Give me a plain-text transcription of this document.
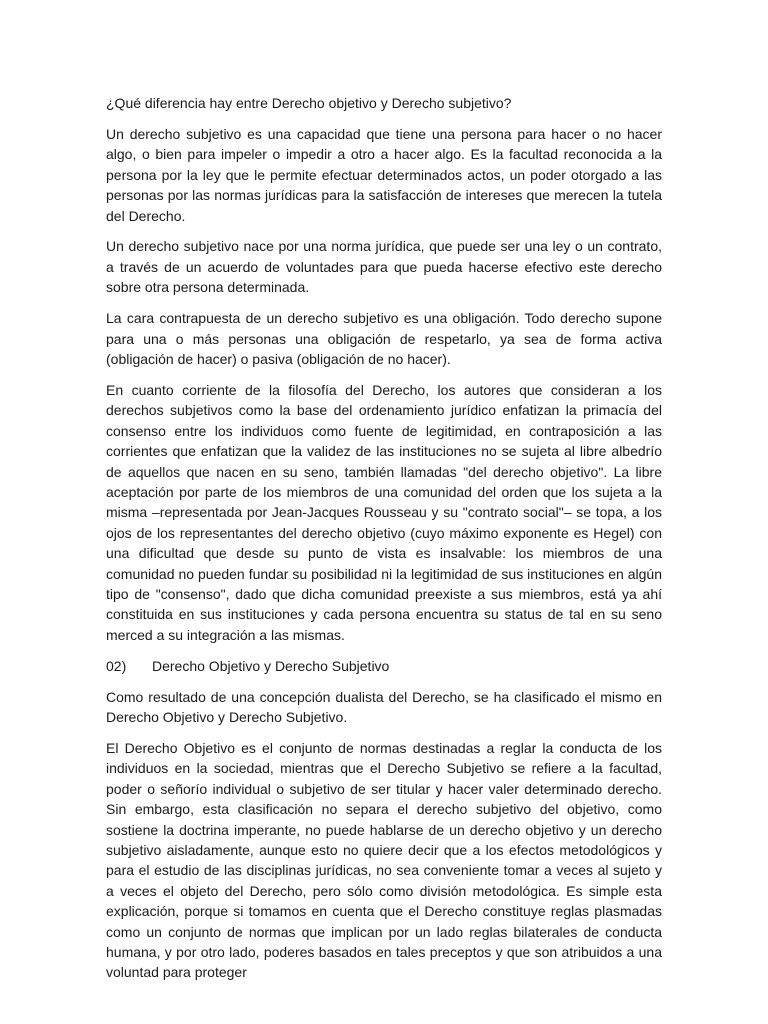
¿Qué diferencia hay entre Derecho objetivo y Derecho subjetivo?

Un derecho subjetivo es una capacidad que tiene una persona para hacer o no hacer algo, o bien para impeler o impedir a otro a hacer algo. Es la facultad reconocida a la persona por la ley que le permite efectuar determinados actos, un poder otorgado a las personas por las normas jurídicas para la satisfacción de intereses que merecen la tutela del Derecho.

Un derecho subjetivo nace por una norma jurídica, que puede ser una ley o un contrato, a través de un acuerdo de voluntades para que pueda hacerse efectivo este derecho sobre otra persona determinada.

La cara contrapuesta de un derecho subjetivo es una obligación. Todo derecho supone para una o más personas una obligación de respetarlo, ya sea de forma activa (obligación de hacer) o pasiva (obligación de no hacer).

En cuanto corriente de la filosofía del Derecho, los autores que consideran a los derechos subjetivos como la base del ordenamiento jurídico enfatizan la primacía del consenso entre los individuos como fuente de legitimidad, en contraposición a las corrientes que enfatizan que la validez de las instituciones no se sujeta al libre albedrío de aquellos que nacen en su seno, también llamadas "del derecho objetivo". La libre aceptación por parte de los miembros de una comunidad del orden que los sujeta a la misma –representada por Jean-Jacques Rousseau y su "contrato social"– se topa, a los ojos de los representantes del derecho objetivo (cuyo máximo exponente es Hegel) con una dificultad que desde su punto de vista es insalvable: los miembros de una comunidad no pueden fundar su posibilidad ni la legitimidad de sus instituciones en algún tipo de "consenso", dado que dicha comunidad preexiste a sus miembros, está ya ahí constituida en sus instituciones y cada persona encuentra su status de tal en su seno merced a su integración a las mismas.

02) Derecho Objetivo y Derecho Subjetivo

Como resultado de una concepción dualista del Derecho, se ha clasificado el mismo en Derecho Objetivo y Derecho Subjetivo.

El Derecho Objetivo es el conjunto de normas destinadas a reglar la conducta de los individuos en la sociedad, mientras que el Derecho Subjetivo se refiere a la facultad, poder o señorío individual o subjetivo de ser titular y hacer valer determinado derecho. Sin embargo, esta clasificación no separa el derecho subjetivo del objetivo, como sostiene la doctrina imperante, no puede hablarse de un derecho objetivo y un derecho subjetivo aisladamente, aunque esto no quiere decir que a los efectos metodológicos y para el estudio de las disciplinas jurídicas, no sea conveniente tomar a veces al sujeto y a veces el objeto del Derecho, pero sólo como división metodológica. Es simple esta explicación, porque si tomamos en cuenta que el Derecho constituye reglas plasmadas como un conjunto de normas que implican por un lado reglas bilaterales de conducta humana, y por otro lado, poderes basados en tales preceptos y que son atribuidos a una voluntad para proteger
